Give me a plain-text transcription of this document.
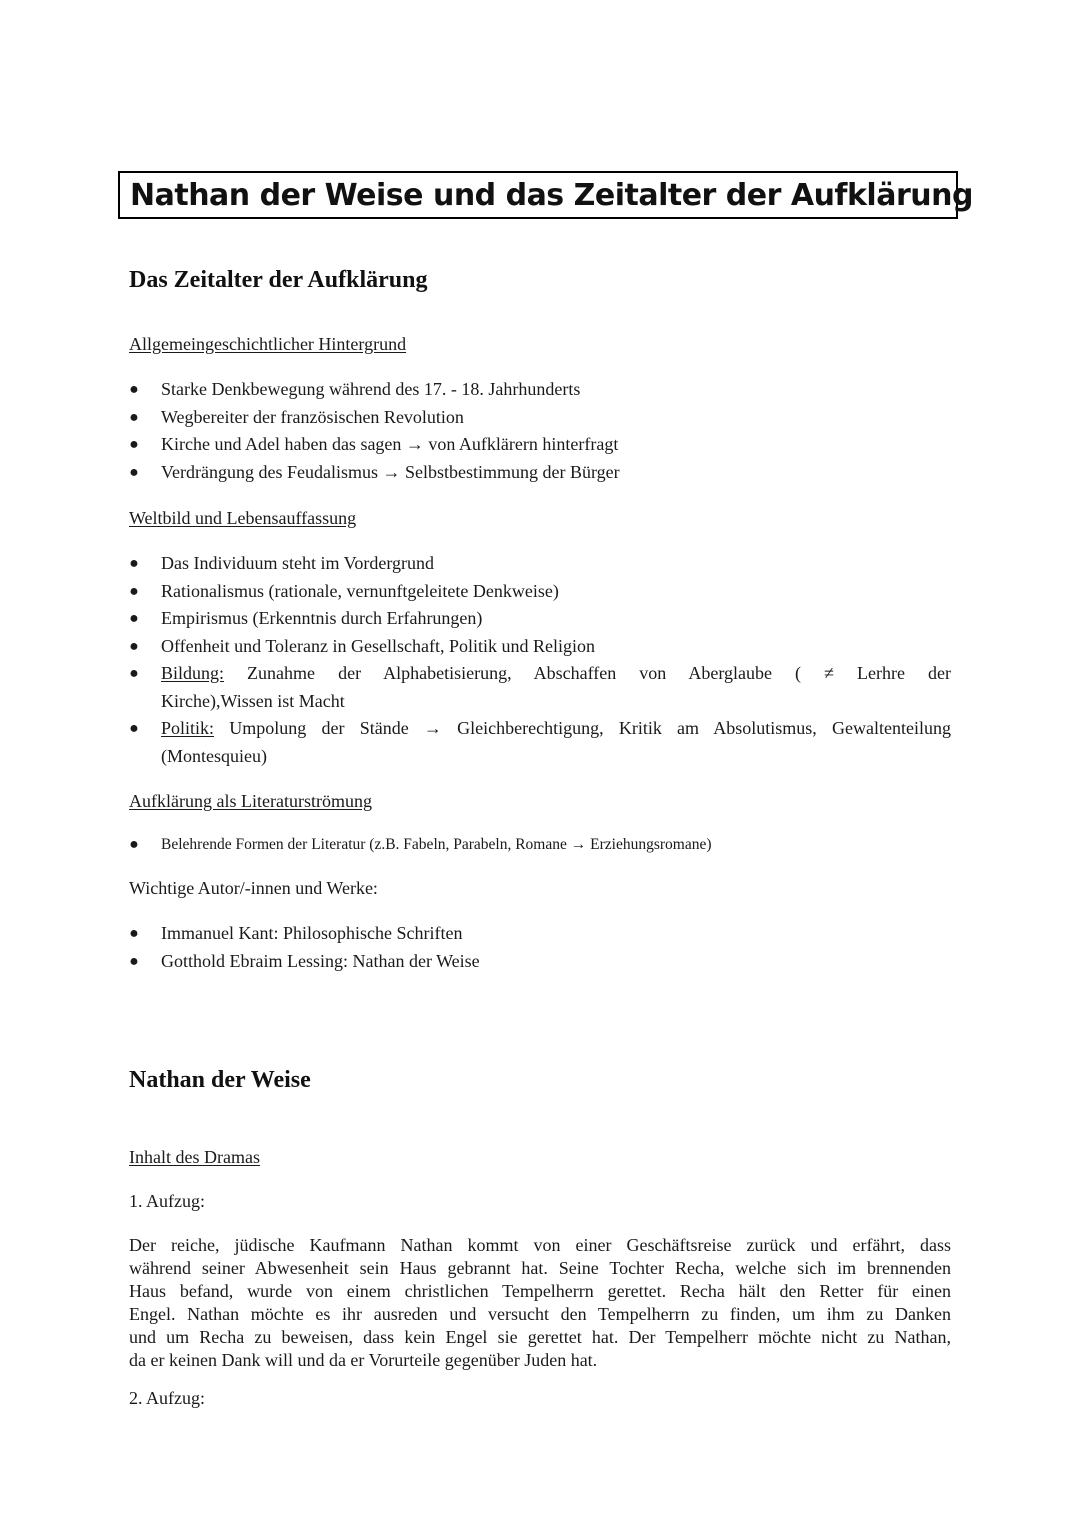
Nathan der Weise und das Zeitalter der Aufklärung
Das Zeitalter der Aufklärung

Allgemeingeschichtlicher Hintergrund

● Starke Denkbewegung während des 17. - 18. Jahrhunderts
● Wegbereiter der französischen Revolution
● Kirche und Adel haben das sagen → von Aufklärern hinterfragt
● Verdrängung des Feudalismus → Selbstbestimmung der Bürger

Weltbild und Lebensauffassung

● Das Individuum steht im Vordergrund
● Rationalismus (rationale, vernunftgeleitete Denkweise)
● Empirismus (Erkenntnis durch Erfahrungen)
● Offenheit und Toleranz in Gesellschaft, Politik und Religion
● Bildung: Zunahme der Alphabetisierung, Abschaffen von Aberglaube ( ≠ Lerhre der
Kirche),Wissen ist Macht
● Politik: Umpolung der Stände → Gleichberechtigung, Kritik am Absolutismus, Gewaltenteilung
(Montesquieu)

Aufklärung als Literaturströmung

● Belehrende Formen der Literatur (z.B. Fabeln, Parabeln, Romane → Erziehungsromane)

Wichtige Autor/-innen und Werke:

● Immanuel Kant: Philosophische Schriften
● Gotthold Ebraim Lessing: Nathan der Weise
Nathan der Weise

Inhalt des Dramas

1. Aufzug:

Der reiche, jüdische Kaufmann Nathan kommt von einer Geschäftsreise zurück und erfährt, dass
während seiner Abwesenheit sein Haus gebrannt hat. Seine Tochter Recha, welche sich im brennenden
Haus befand, wurde von einem christlichen Tempelherrn gerettet. Recha hält den Retter für einen
Engel. Nathan möchte es ihr ausreden und versucht den Tempelherrn zu finden, um ihm zu Danken
und um Recha zu beweisen, dass kein Engel sie gerettet hat. Der Tempelherr möchte nicht zu Nathan,
da er keinen Dank will und da er Vorurteile gegenüber Juden hat.

2. Aufzug:
